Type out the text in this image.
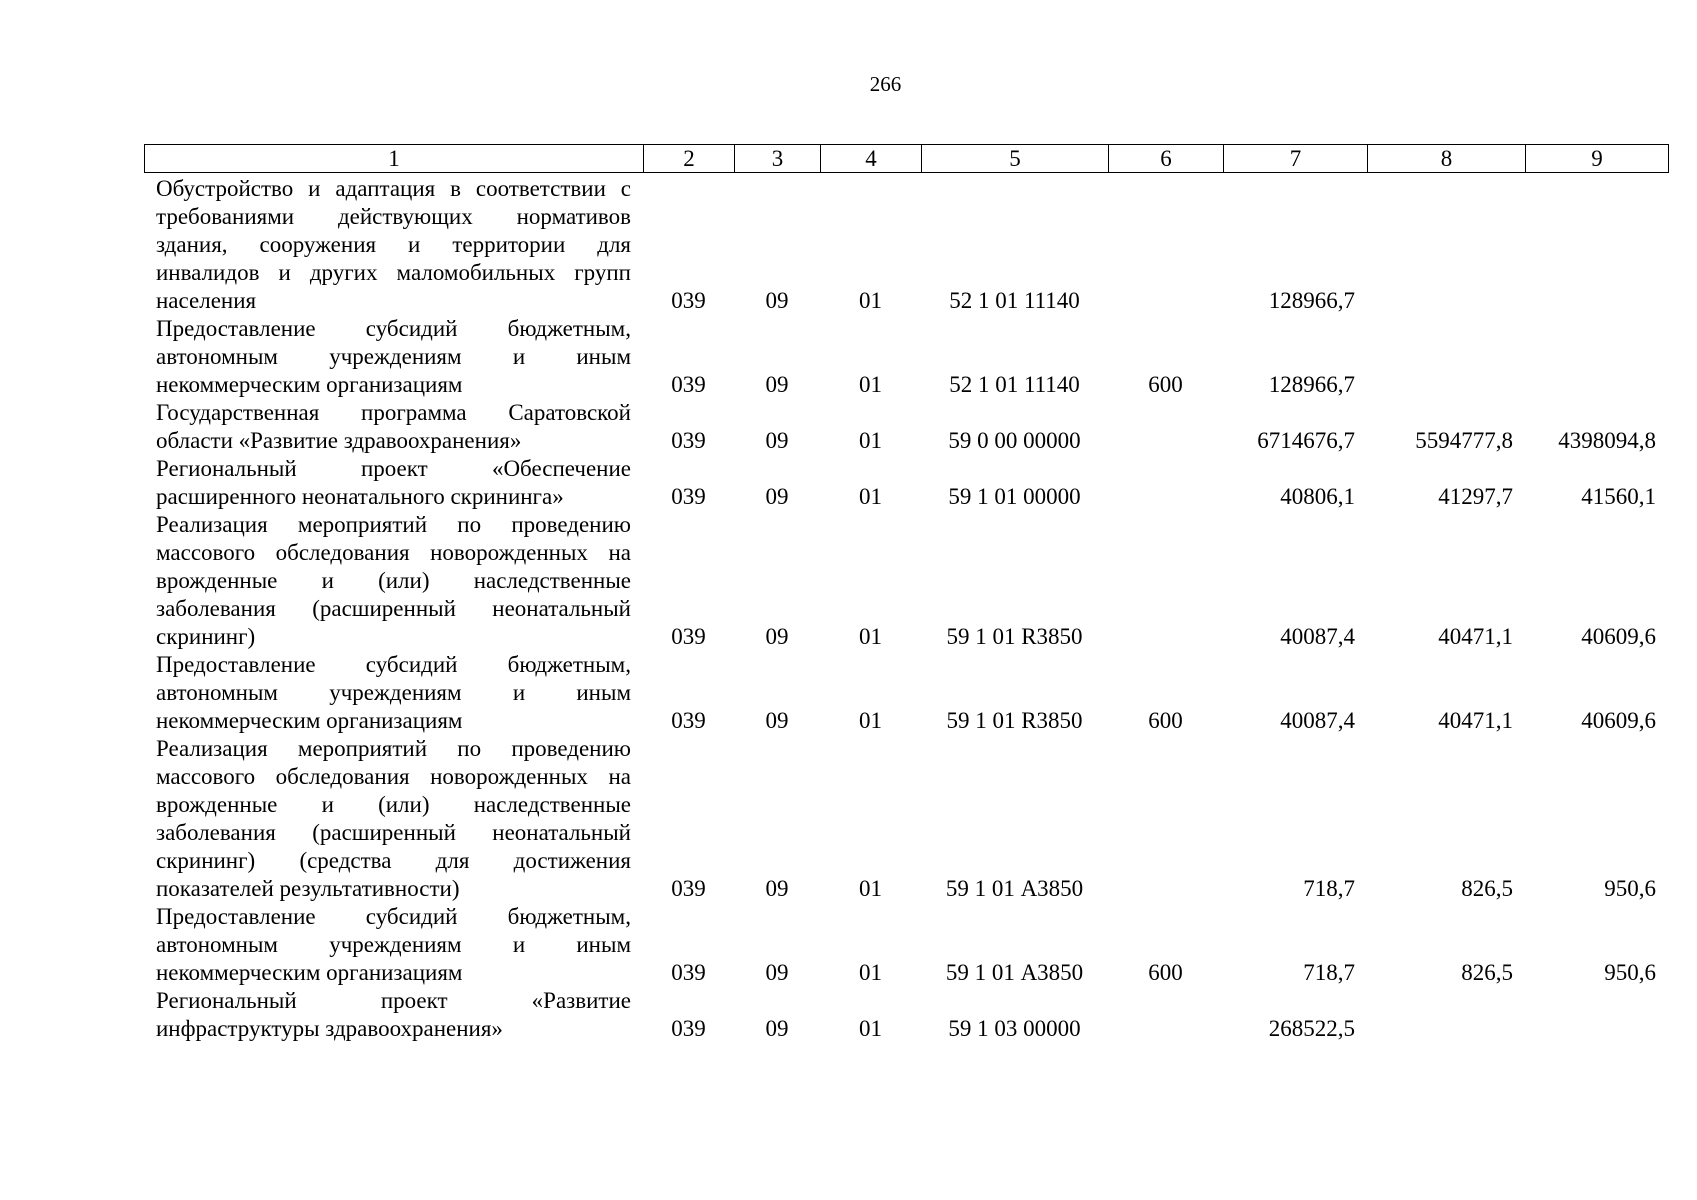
266
1	2	3	4	5	6	7	8	9
Обустройство и адаптация в соответствии с требованиями действующих нормативов здания, сооружения и территории для инвалидов и других маломобильных групп населения	039	09	01	52 1 01 11140		128966,7		
Предоставление субсидий бюджетным, автономным учреждениям и иным некоммерческим организациям	039	09	01	52 1 01 11140	600	128966,7		
Государственная программа Саратовской области «Развитие здравоохранения»	039	09	01	59 0 00 00000		6714676,7	5594777,8	4398094,8
Региональный проект «Обеспечение расширенного неонатального скрининга»	039	09	01	59 1 01 00000		40806,1	41297,7	41560,1
Реализация мероприятий по проведению массового обследования новорожденных на врожденные и (или) наследственные заболевания (расширенный неонатальный скрининг)	039	09	01	59 1 01 R3850		40087,4	40471,1	40609,6
Предоставление субсидий бюджетным, автономным учреждениям и иным некоммерческим организациям	039	09	01	59 1 01 R3850	600	40087,4	40471,1	40609,6
Реализация мероприятий по проведению массового обследования новорожденных на врожденные и (или) наследственные заболевания (расширенный неонатальный скрининг) (средства для достижения показателей результативности)	039	09	01	59 1 01 А3850		718,7	826,5	950,6
Предоставление субсидий бюджетным, автономным учреждениям и иным некоммерческим организациям	039	09	01	59 1 01 А3850	600	718,7	826,5	950,6
Региональный проект «Развитие инфраструктуры здравоохранения»	039	09	01	59 1 03 00000		268522,5		
